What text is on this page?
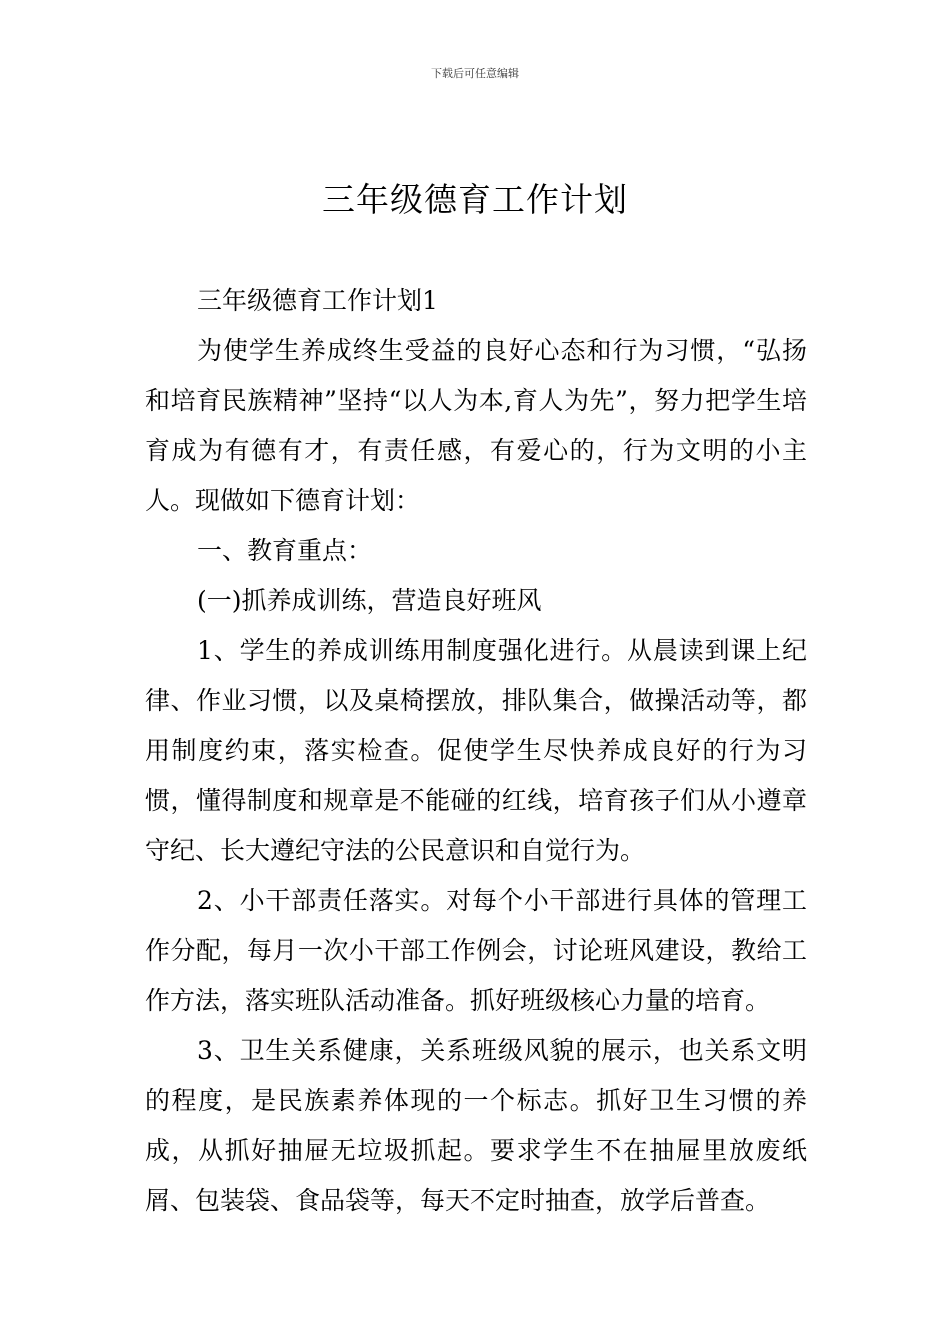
下载后可任意编辑
三年级德育工作计划

三年级德育工作计划1

为使学生养成终生受益的良好心态和行为习惯，“弘扬和培育民族精神”坚持“以人为本,育人为先”，努力把学生培育成为有德有才，有责任感，有爱心的，行为文明的小主人。现做如下德育计划：

一、教育重点：

(一)抓养成训练，营造良好班风

1、学生的养成训练用制度强化进行。从晨读到课上纪律、作业习惯，以及桌椅摆放，排队集合，做操活动等，都用制度约束，落实检查。促使学生尽快养成良好的行为习惯，懂得制度和规章是不能碰的红线，培育孩子们从小遵章守纪、长大遵纪守法的公民意识和自觉行为。

2、小干部责任落实。对每个小干部进行具体的管理工作分配，每月一次小干部工作例会，讨论班风建设，教给工作方法，落实班队活动准备。抓好班级核心力量的培育。

3、卫生关系健康，关系班级风貌的展示，也关系文明的程度，是民族素养体现的一个标志。抓好卫生习惯的养成，从抓好抽屉无垃圾抓起。要求学生不在抽屉里放废纸屑、包装袋、食品袋等，每天不定时抽查，放学后普查。
